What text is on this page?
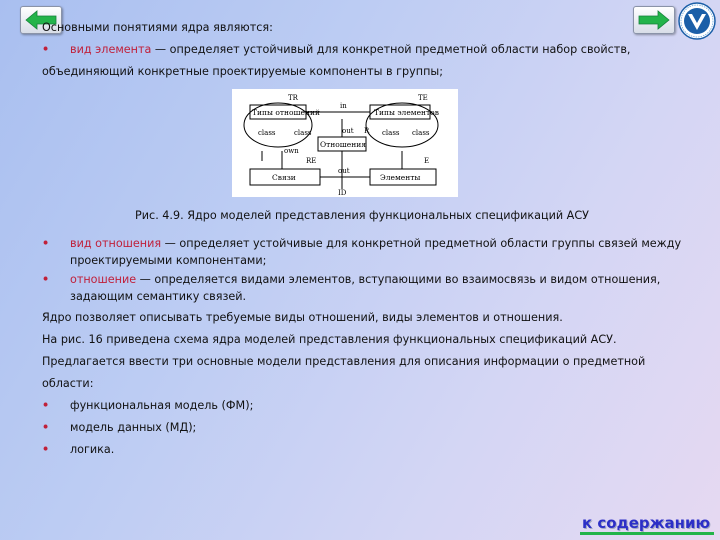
Основными понятиями ядра являются:

• вид элемента — определяет устойчивый для конкретной предметной области набор свойств,

объединяющий конкретные проектируемые компоненты в группы;

TR	TE
in
out R
Типы отношений	Типы элементов
class	class	class class
own
Отношения
RE
out
E
Связи	Элементы
ID

Рис. 4.9. Ядро моделей представления функциональных спецификаций АСУ

• вид отношения — определяет устойчивые для конкретной предметной области группы связей между проектируемыми компонентами;

• отношение — определяется видами элементов, вступающими во взаимосвязь и видом отношения, задающим семантику связей.

Ядро позволяет описывать требуемые виды отношений, виды элементов и отношения.

На рис. 16 приведена схема ядра моделей представления функциональных спецификаций АСУ.

Предлагается ввести три основные модели представления для описания информации о предметной

области:

• функциональная модель (ФМ);

• модель данных (МД);

• логика.

к содержанию
